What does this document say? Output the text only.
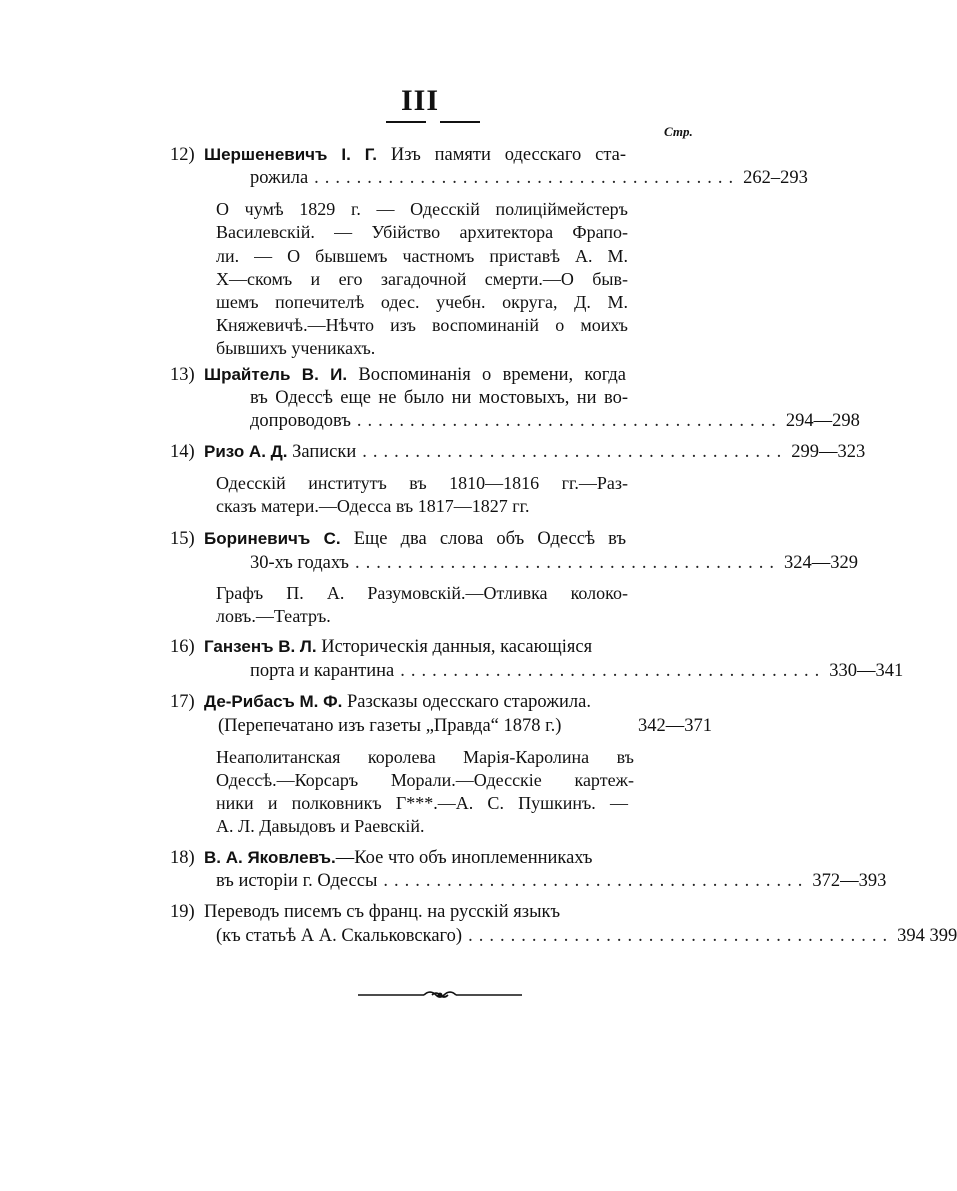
III
Стр.
12) Шершеневичъ І. Г. Изъ памяти одесскаго ста-
рожила ........................................ 262–293
О чумѣ 1829 г. — Одесскій полиціймейстеръ
Василевскій. — Убійство архитектора Фрапо-
ли. — О бывшемъ частномъ приставѣ А. М.
Х—скомъ и его загадочной смерти.—О быв-
шемъ попечителѣ одес. учебн. округа, Д. М.
Княжевичѣ.—Нѣчто изъ воспоминаній о моихъ
бывшихъ ученикахъ.
13) Шрайтель В. И. Воспоминанія о времени, когда
въ Одессѣ еще не было ни мостовыхъ, ни во-
допроводовъ ........................................ 294—298
14) Ризо А. Д. Записки ........................................ 299—323
Одесскій институтъ въ 1810—1816 гг.—Раз-
сказъ матери.—Одесса въ 1817—1827 гг.
15) Бориневичъ С. Еще два слова объ Одессѣ въ
30-хъ годахъ ........................................ 324—329
Графъ П. А. Разумовскій.—Отливка колоко-
ловъ.—Театръ.
16) Ганзенъ В. Л. Историческія данныя, касающіяся
порта и карантина ........................................ 330—341
17) Де-Рибасъ М. Ф. Разсказы одесскаго старожила.
(Перепечатано изъ газеты „Правда“ 1878 г.)	342—371
Неаполитанская королева Марія-Каролина въ
Одессѣ.—Корсаръ Морали.—Одесскіе картеж-
ники и полковникъ Г***.—А. С. Пушкинъ. —
А. Л. Давыдовъ и Раевскій.
18) В. А. Яковлевъ.—Кое что объ иноплеменникахъ
въ исторіи г. Одессы ........................................ 372—393
19) Переводъ писемъ съ франц. на русскій языкъ
(къ статьѣ А А. Скальковскаго) ........................................ 394 399
